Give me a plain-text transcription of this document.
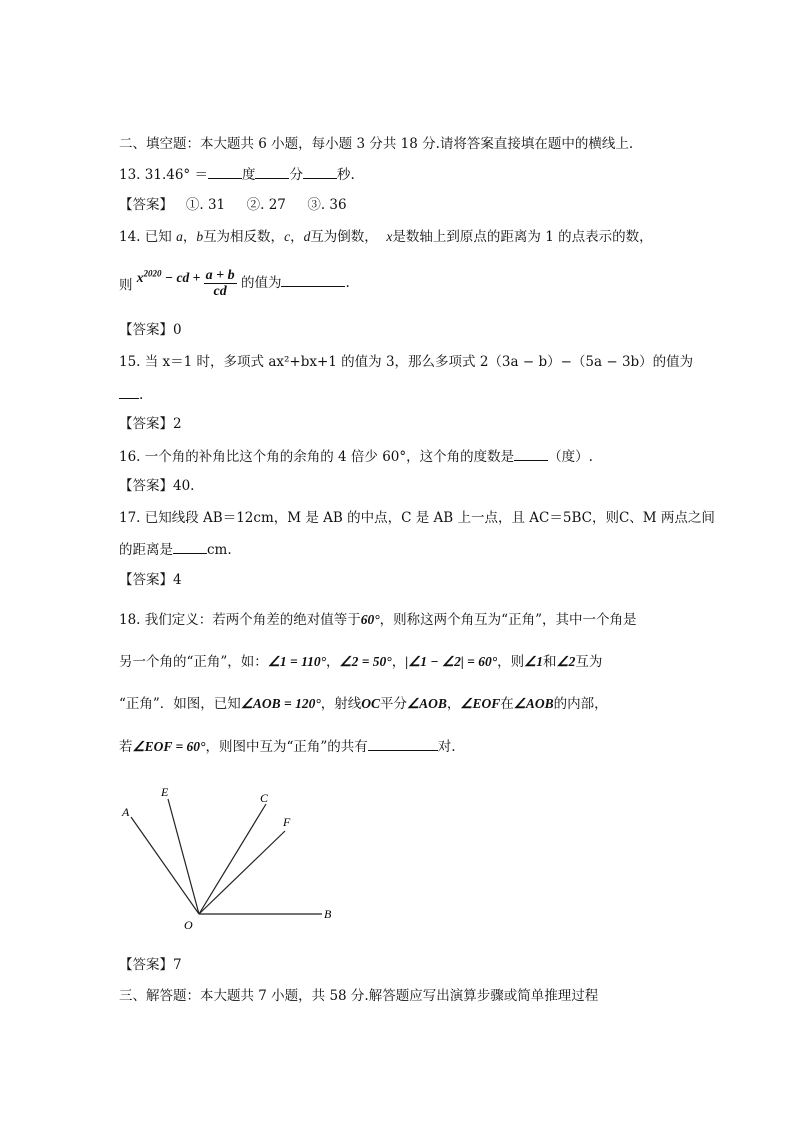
二、填空题：本大题共 6 小题，每小题 3 分共 18 分.请将答案直接填在题中的横线上.
13. 31.46° ＝	度	分	秒.
【答案】 ①. 31 ②. 27 ③. 36
14. 已知 a，b互为相反数，c，d互为倒数， x是数轴上到原点的距离为 1 的点表示的数，
则 $x^{2020}$ − cd + $\frac{a + b}{cd}$ 的值为	.
【答案】0
15. 当 x＝1 时，多项式 ax²+bx+1 的值为 3，那么多项式 2（3a − b）−（5a − 3b）的值为
.
【答案】2
16. 一个角的补角比这个角的余角的 4 倍少 60°，这个角的度数是	（度）.
【答案】40.
17. 已知线段 AB＝12cm，M 是 AB 的中点，C 是 AB 上一点，且 AC＝5BC，则C、M 两点之间
的距离是	cm.
【答案】4
18. 我们定义：若两个角差的绝对值等于60°，则称这两个角互为“正角”，其中一个角是
另一个角的“正角”，如：∠1 = 110°，∠2 = 50°，|∠1 − ∠2| = 60°，则∠1和∠2互为
“正角”．如图，已知∠AOB = 120°，射线OC平分∠AOB，∠EOF在∠AOB的内部，
若∠EOF = 60°，则图中互为“正角”的共有	对.
A
E	C
F
O
B
【答案】7
三、解答题：本大题共 7 小题，共 58 分.解答题应写出演算步骤或简单推理过程
